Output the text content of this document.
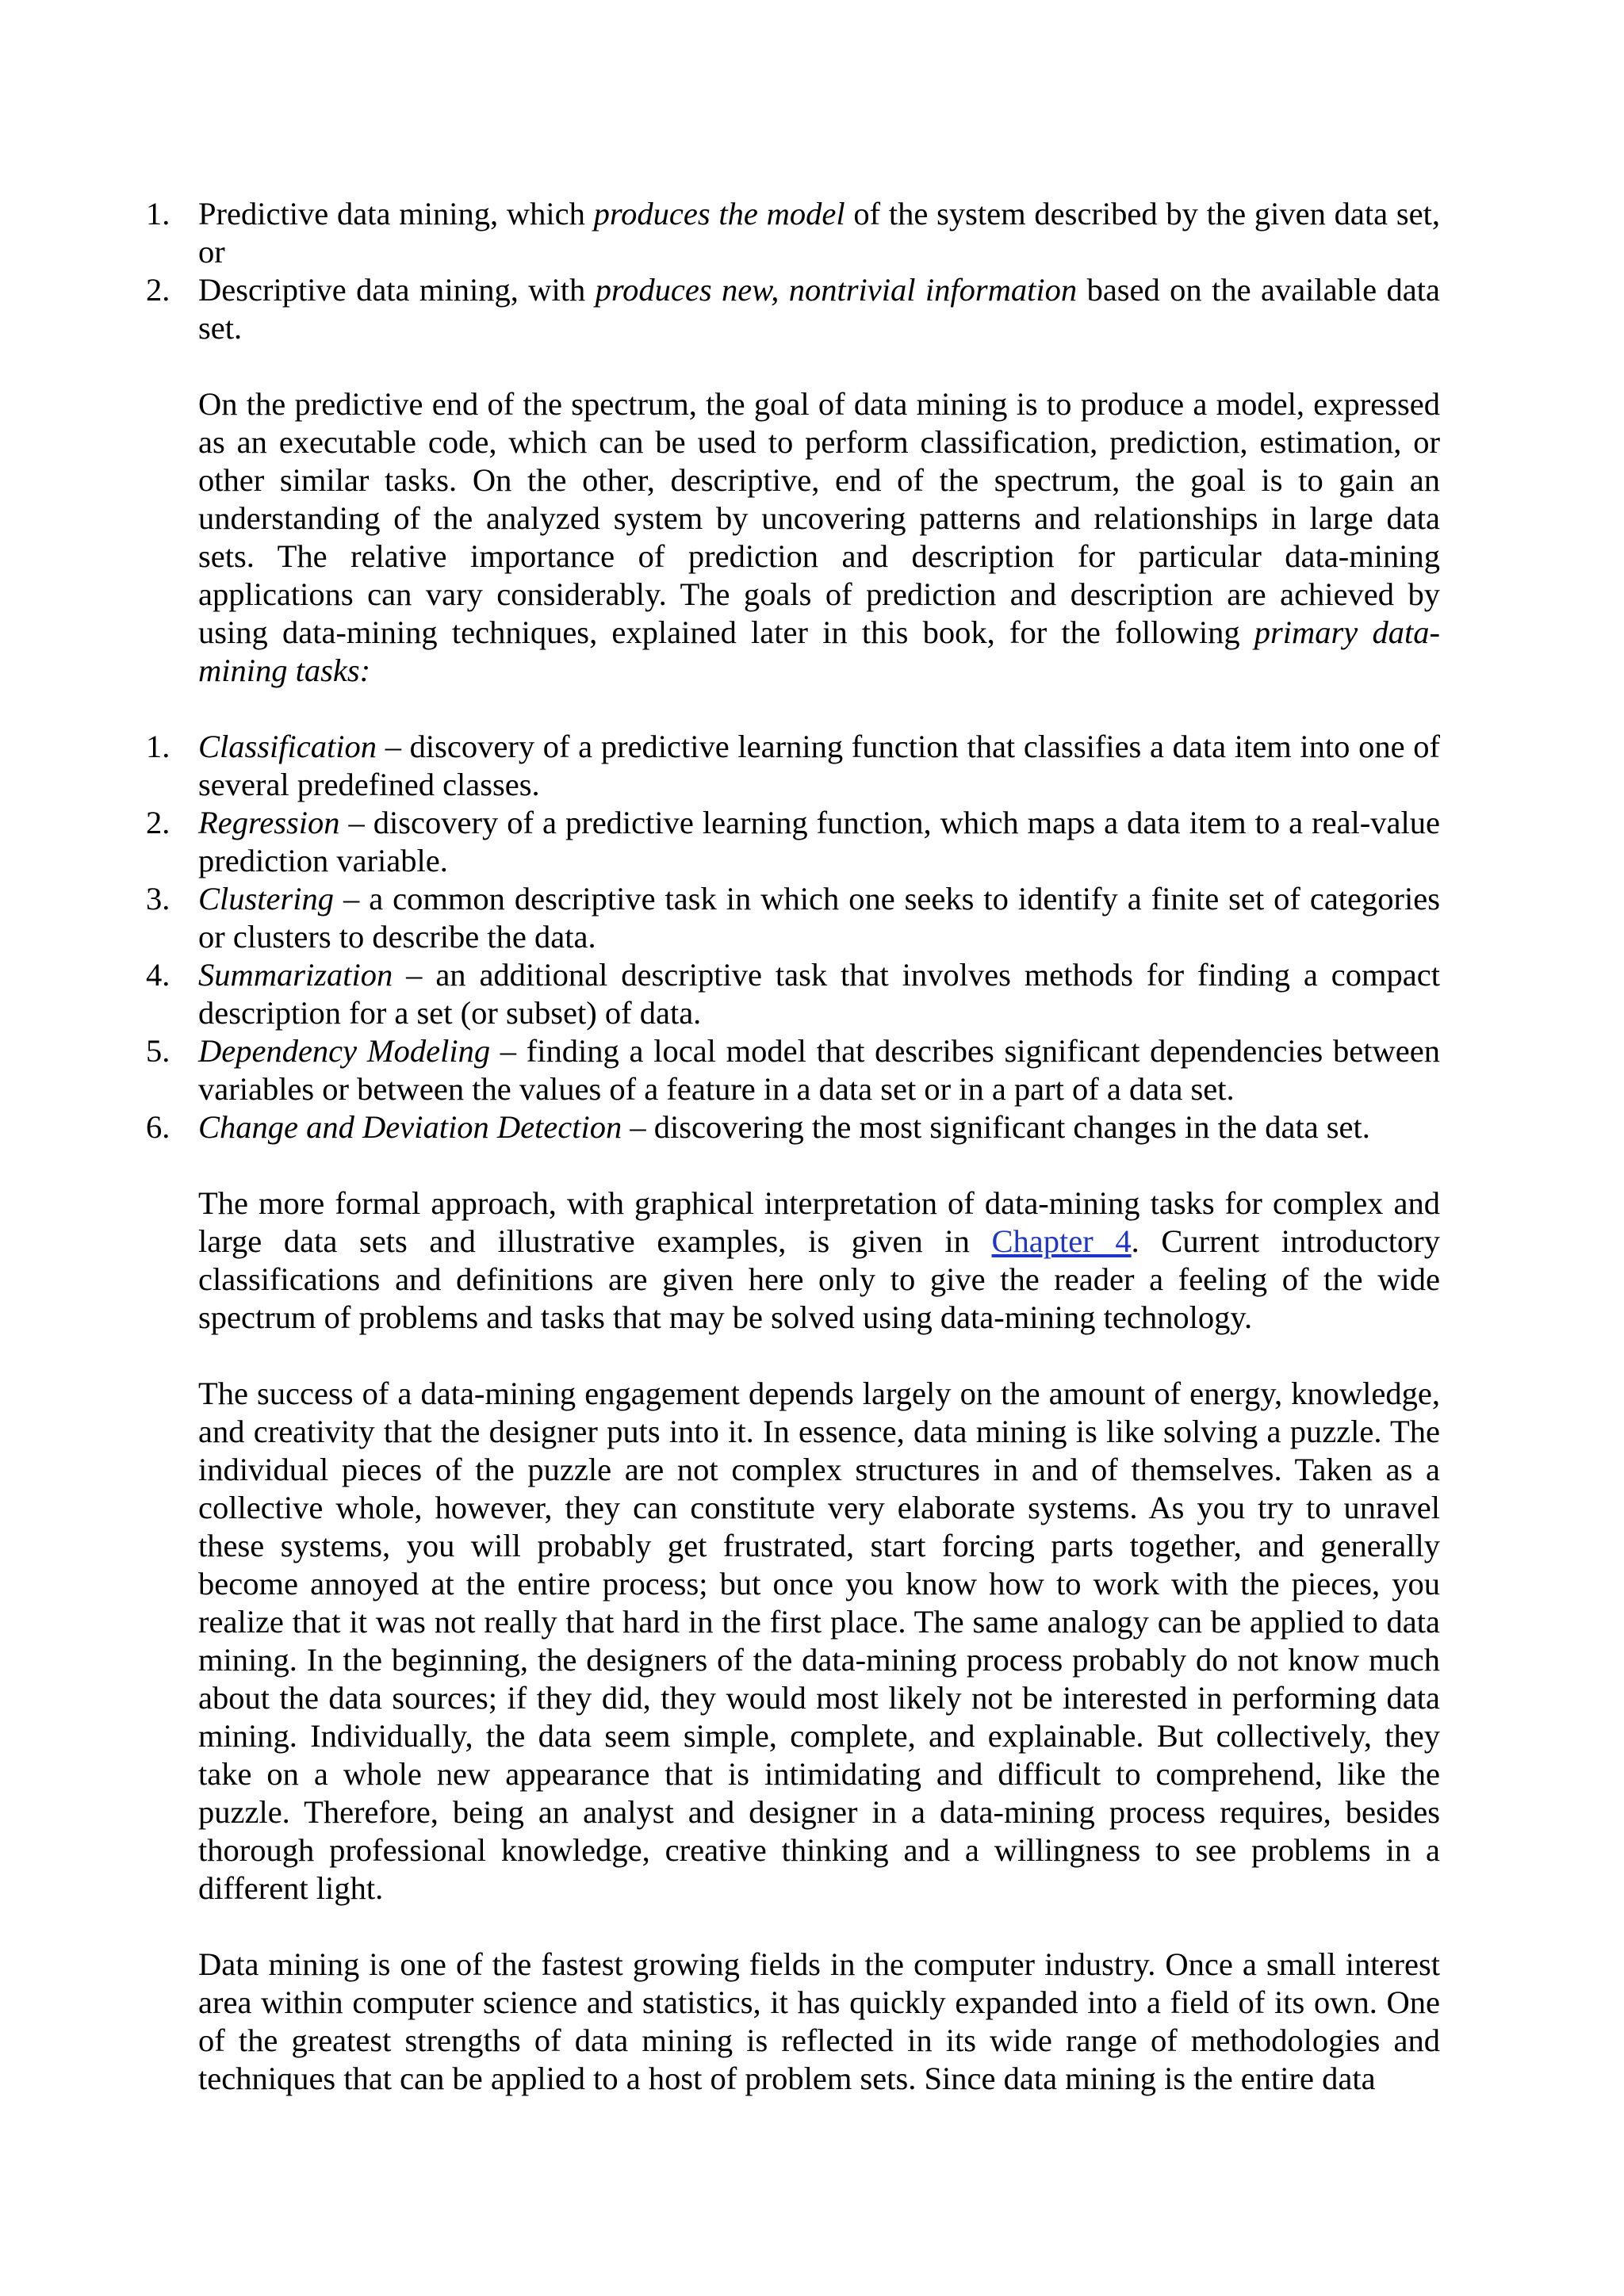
1. Predictive data mining, which produces the model of the system described by the given data set, or
2. Descriptive data mining, with produces new, nontrivial information based on the available data set.

On the predictive end of the spectrum, the goal of data mining is to produce a model, expressed as an executable code, which can be used to perform classification, prediction, estimation, or other similar tasks. On the other, descriptive, end of the spectrum, the goal is to gain an understanding of the analyzed system by uncovering patterns and relationships in large data sets. The relative importance of prediction and description for particular data-mining applications can vary considerably. The goals of prediction and description are achieved by using data-mining techniques, explained later in this book, for the following primary data-mining tasks:

1. Classification – discovery of a predictive learning function that classifies a data item into one of several predefined classes.
2. Regression – discovery of a predictive learning function, which maps a data item to a real-value prediction variable.
3. Clustering – a common descriptive task in which one seeks to identify a finite set of categories or clusters to describe the data.
4. Summarization – an additional descriptive task that involves methods for finding a compact description for a set (or subset) of data.
5. Dependency Modeling – finding a local model that describes significant dependencies between variables or between the values of a feature in a data set or in a part of a data set.
6. Change and Deviation Detection – discovering the most significant changes in the data set.

The more formal approach, with graphical interpretation of data-mining tasks for complex and large data sets and illustrative examples, is given in Chapter 4. Current introductory classifications and definitions are given here only to give the reader a feeling of the wide spectrum of problems and tasks that may be solved using data-mining technology.

The success of a data-mining engagement depends largely on the amount of energy, knowledge, and creativity that the designer puts into it. In essence, data mining is like solving a puzzle. The individual pieces of the puzzle are not complex structures in and of themselves. Taken as a collective whole, however, they can constitute very elaborate systems. As you try to unravel these systems, you will probably get frustrated, start forcing parts together, and generally become annoyed at the entire process; but once you know how to work with the pieces, you realize that it was not really that hard in the first place. The same analogy can be applied to data mining. In the beginning, the designers of the data-mining process probably do not know much about the data sources; if they did, they would most likely not be interested in performing data mining. Individually, the data seem simple, complete, and explainable. But collectively, they take on a whole new appearance that is intimidating and difficult to comprehend, like the puzzle. Therefore, being an analyst and designer in a data-mining process requires, besides thorough professional knowledge, creative thinking and a willingness to see problems in a different light.

Data mining is one of the fastest growing fields in the computer industry. Once a small interest area within computer science and statistics, it has quickly expanded into a field of its own. One of the greatest strengths of data mining is reflected in its wide range of methodologies and techniques that can be applied to a host of problem sets. Since data mining is the entire data
